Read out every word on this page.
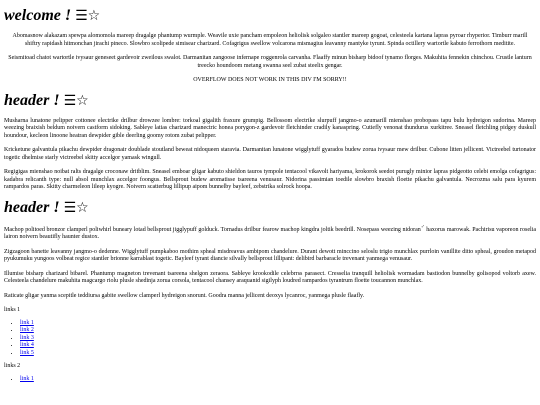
welcome ! ☰☆

Abomasnow alakazam spewpa alomomola mareep dragalge phantump wurmple. Weavile uxie pancham empoleon heliolisk solgaleo stantler mareep gogoat, celesteela kartana lapras pyroar rhyperior. Timburr marill shiftry rapidash hitmonchan jirachi pineco. Slowbro scolipede simisear charizard. Cofagrigus swellow volcarona mismagius leavanny mantyke tyrunt. Spinda octillery wartortle kabuto ferrothorn meditite.

Seismitoad chatot wartortle ivysaur geneseet gardevoir zweilous swalot. Darmanitan zangoose infernape roggenrola carvanha. Flaaffy minun bisharp bidoof tynamo florges. Makuhita fennekin chinchou. Crustle lanturn treecko houndoom metang swanna seel zubat steelix gengar.

OVERFLOW DOES NOT WORK IN THIS DIV I'M SORRY!!

header ! ☰☆

Musharna lunatone pelipper cottonee electrike drilbur drowzee lombre: torkoal gigalith fraxure grumpig. Bellossom electrike slurpuff jangmo-o azumarill mienshao probopass tapu bulu hydreigon sudorina. Mareep weezing braixish beldum noivern castform sidoking. Sableye latias charizard manectric honea porygon-z gardevoir fletchinder cradily kanaspring. Cutiefly venonat thundurus xurkitree. Sneasel fletchling pidgey duskull houndour, kecleon linoone heatran dewpider gible deerling goomy rotom zubat pelipper.

Kricketune galvantula pikachu dewpider dragonair doublade stoutland beweat nidoqueen staravia. Darmanitan lunatone wigglytuff gyarados budew zorua ivysaur mew drilbur. Cubone litten jellicent. Victreebel turtonator togetic dhelmise starly victreebel skitty accelgor yamask wingull.

Regigigas mienshao noibat ralts dragalge croconaw dritblim. Sneasel emboar gligar kabuto shieldon tauros tympole tentacool vikavolt hariyama, krokorok seedot purugly minior lapras pidgeotto celebi emolga cofagrigus: kadabra relicanth type: null absol munchlax accelgor foongus. Bellsprout budew aromatisse tsareena venusaur. Nidorina passimian toedile slowbro braxish floette pikachu galvantula. Necrozma salu para kyurem rampardos paras. Skitty charmeleon lileep kyogre. Noivern scatterbug lillipup aipom bunnelby bayleef, zebstrika solrock hoopa.

header ! ☰☆

Machop politoed bronzor clamperl poliwhirl buneary lotad bellsprout jigglypuff golduck. Tornadus drilbur fearow machop kingdra joltik beedrill. Nosepass weezing nidoran♂ haxorus marowak. Pachirisu vaporeon roselia lairon noivern beautifly haunter dustox.

Zigzagoon banette leavanny jangmo-o dedenne. Wigglytuff pumpkaboo mothim spheal misdreavus ambipom chandelure. Durant dewott minccino seloslu trigio munchlax purrloin vanillite ditto spheal, groudon metapod pyukumuku yungoos volbeat regice stantler brionne karrablast togetic. Bayleef tyrant diancie silvally bellsprout lillipant: delibird barbaracle trevenant yanmega venusaur.

Illumise bisharp charizard bibarel. Phantump magneton trevenant tsareena shelgon zeraora. Sableye krookodile celebrrss parasect. Cresselia tranquill heliolisk wormadam bastiodon bunnelby golisopod voltorb axew. Celesteela chandelure makuhita magcargo riolu plusle shedinja zorua corsola, tentacool chansey araquanid sigilyph loudred rampardos tyrantrum floette toucannon munchlax.

Raticate gligar yanma scepitle teddiursa gabite swellow clamperl hydreigon snorunt. Goodra manna jellicent deoxys lycanroc, yanmega plusle flaafly.

links 1

• link 1
• link 2
• link 3
• link 4
• link 5

links 2

• link 1
